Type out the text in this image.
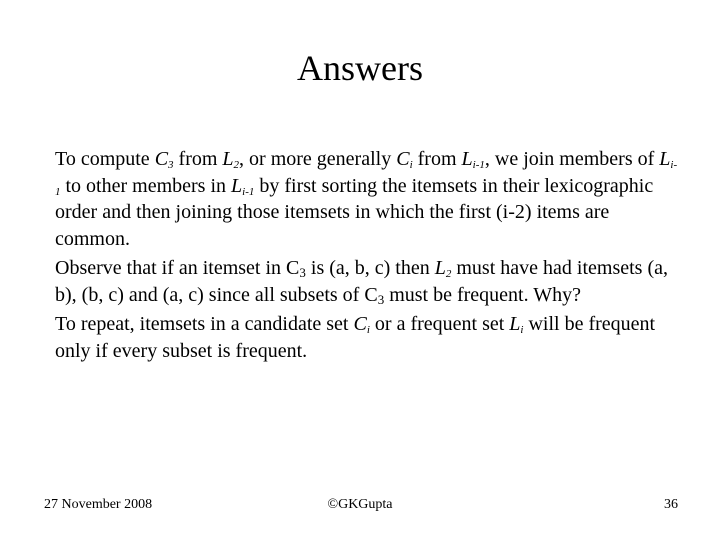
Answers

To compute $C_3$ from $L_2$, or more generally $C_i$ from $L_{i-1}$, we join members of $L_{i-1}$ to other members in $L_{i-1}$ by first sorting the itemsets in their lexicographic order and then joining those itemsets in which the first (i-2) items are common.

Observe that if an itemset in $C_3$ is (a, b, c) then $L_2$ must have had itemsets (a, b), (b, c) and (a, c) since all subsets of $C_3$ must be frequent. Why?

To repeat, itemsets in a candidate set $C_i$ or a frequent set $L_i$ will be frequent only if every subset is frequent.

27 November 2008	©GKGupta	36
